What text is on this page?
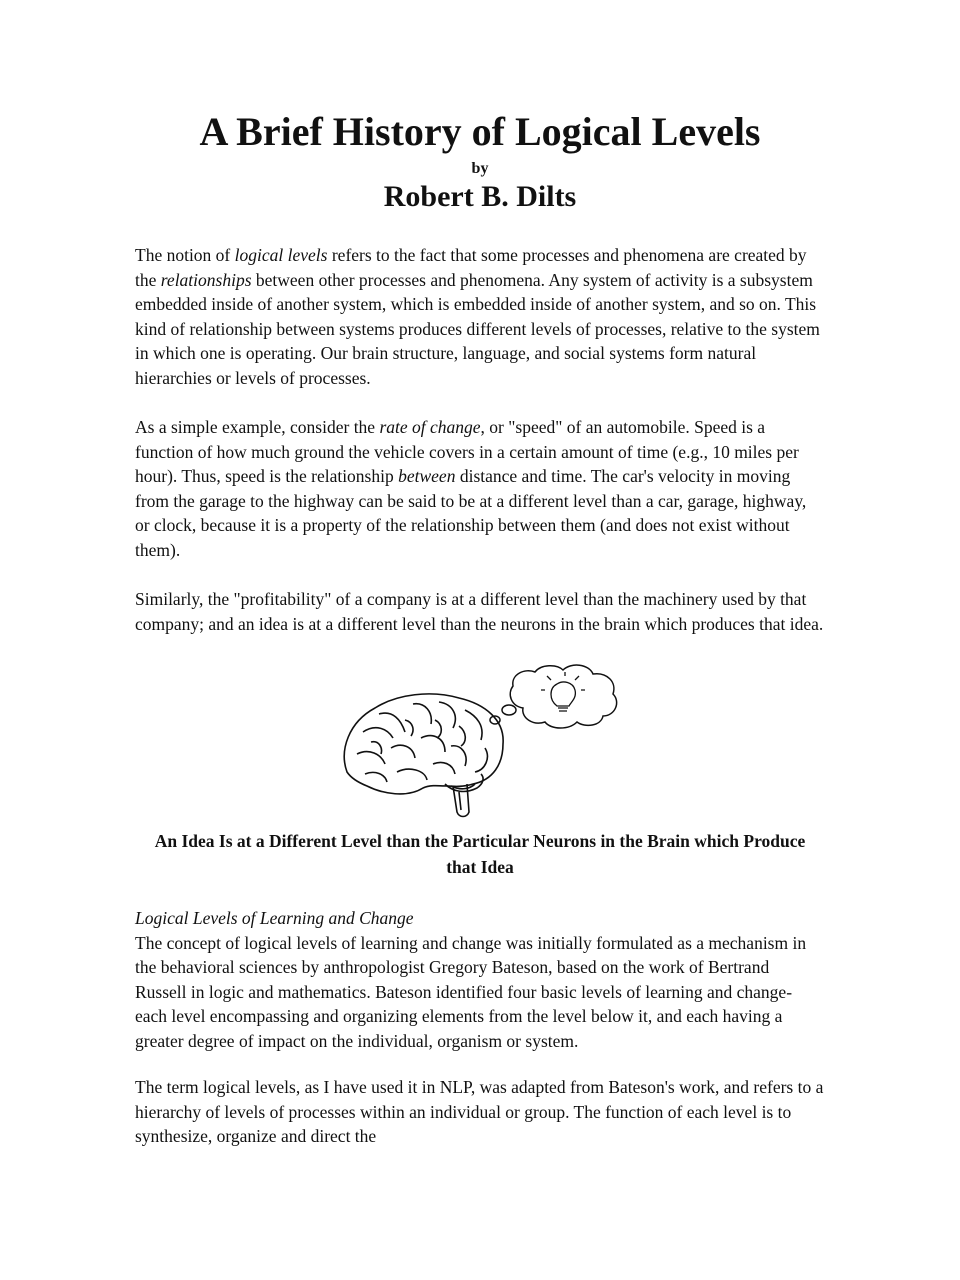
A Brief History of Logical Levels
by
Robert B. Dilts

The notion of logical levels refers to the fact that some processes and phenomena are created by the relationships between other processes and phenomena. Any system of activity is a subsystem embedded inside of another system, which is embedded inside of another system, and so on. This kind of relationship between systems produces different levels of processes, relative to the system in which one is operating. Our brain structure, language, and social systems form natural hierarchies or levels of processes.

As a simple example, consider the rate of change, or "speed" of an automobile. Speed is a function of how much ground the vehicle covers in a certain amount of time (e.g., 10 miles per hour). Thus, speed is the relationship between distance and time. The car's velocity in moving from the garage to the highway can be said to be at a different level than a car, garage, highway, or clock, because it is a property of the relationship between them (and does not exist without them).

Similarly, the "profitability" of a company is at a different level than the machinery used by that company; and an idea is at a different level than the neurons in the brain which produces that idea.

An Idea Is at a Different Level than the Particular Neurons in the Brain which Produce that Idea

Logical Levels of Learning and Change
The concept of logical levels of learning and change was initially formulated as a mechanism in the behavioral sciences by anthropologist Gregory Bateson, based on the work of Bertrand Russell in logic and mathematics. Bateson identified four basic levels of learning and change- each level encompassing and organizing elements from the level below it, and each having a greater degree of impact on the individual, organism or system.

The term logical levels, as I have used it in NLP, was adapted from Bateson's work, and refers to a hierarchy of levels of processes within an individual or group. The function of each level is to synthesize, organize and direct the
